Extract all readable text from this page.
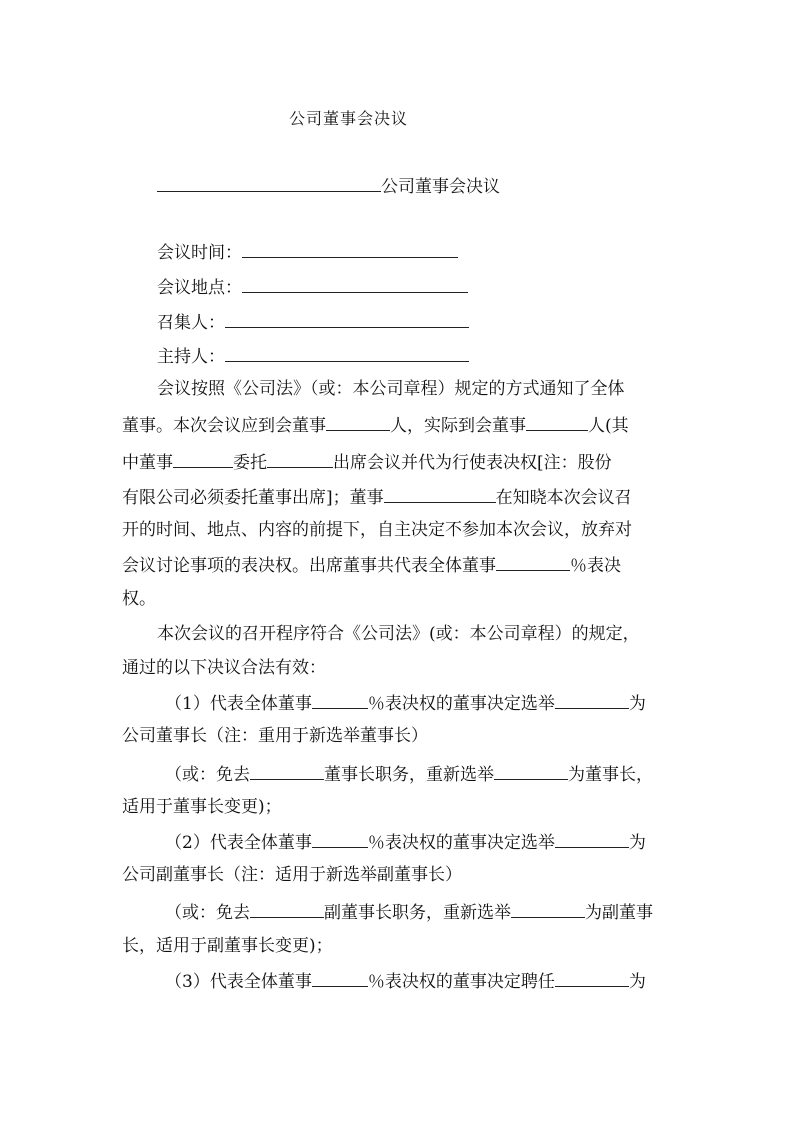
公司董事会决议
公司董事会决议
会议时间：
会议地点：
召集人：
主持人：
会议按照《公司法》（或：本公司章程）规定的方式通知了全体
董事。本次会议应到会董事	人，实际到会董事	人(其
中董事	委托	出席会议并代为行使表决权[注：股份
有限公司必须委托董事出席]；董事	在知晓本次会议召
开的时间、地点、内容的前提下，自主决定不参加本次会议，放弃对
会议讨论事项的表决权。出席董事共代表全体董事	％表决
权。
本次会议的召开程序符合《公司法》(或：本公司章程）的规定，
通过的以下决议合法有效：
（1）代表全体董事	％表决权的董事决定选举	为
公司董事长（注：重用于新选举董事长）
（或：免去	董事长职务，重新选举	为董事长，
适用于董事长变更)；
（2）代表全体董事	％表决权的董事决定选举	为
公司副董事长（注：适用于新选举副董事长）
（或：免去	副董事长职务，重新选举	为副董事
长，适用于副董事长变更)；
（3）代表全体董事	％表决权的董事决定聘任	为
